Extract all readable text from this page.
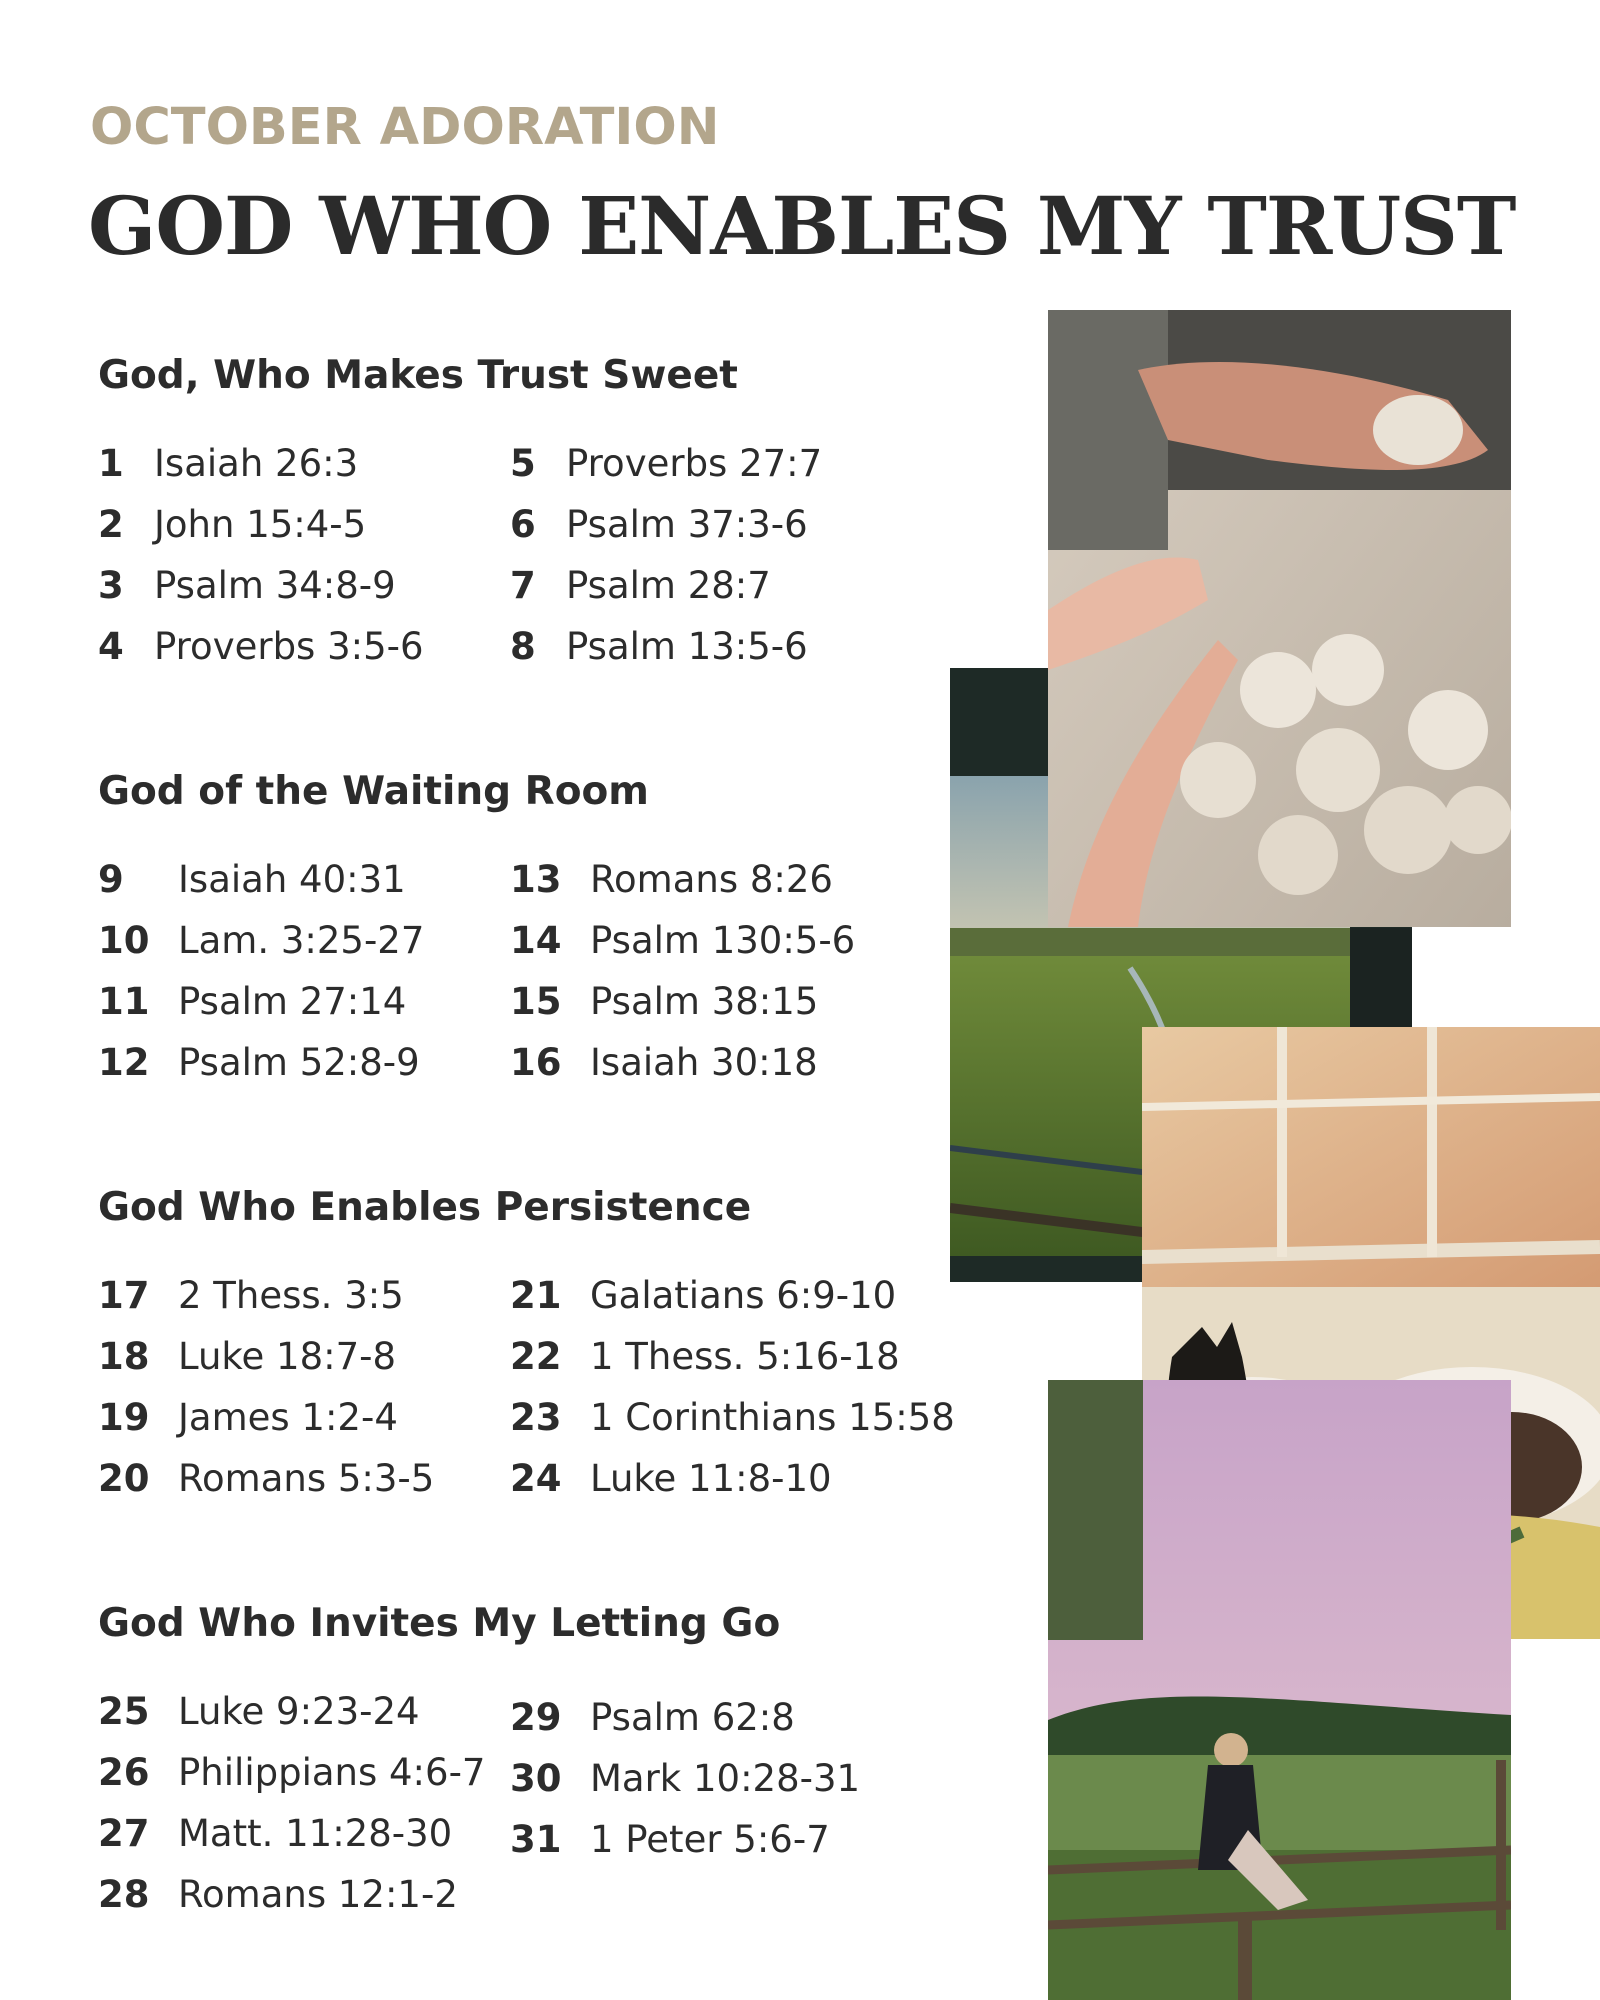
OCTOBER ADORATION
GOD WHO ENABLES MY TRUST
God, Who Makes Trust Sweet
1 Isaiah 26:3
2 John 15:4-5
3 Psalm 34:8-9
4 Proverbs 3:5-6
5 Proverbs 27:7
6 Psalm 37:3-6
7 Psalm 28:7
8 Psalm 13:5-6
God of the Waiting Room
9	Isaiah 40:31
10 Lam. 3:25-27
11 Psalm 27:14
12 Psalm 52:8-9
13 Romans 8:26
14 Psalm 130:5-6
15 Psalm 38:15
16 Isaiah 30:18
God Who Enables Persistence
17 2 Thess. 3:5
18 Luke 18:7-8
19 James 1:2-4
20 Romans 5:3-5
21 Galatians 6:9-10
22 1 Thess. 5:16-18
23 1 Corinthians 15:58
24 Luke 11:8-10
God Who Invites My Letting Go
25 Luke 9:23-24
26 Philippians 4:6-7
27 Matt. 11:28-30
28 Romans 12:1-2
29 Psalm 62:8
30 Mark 10:28-31
31 1 Peter 5:6-7
